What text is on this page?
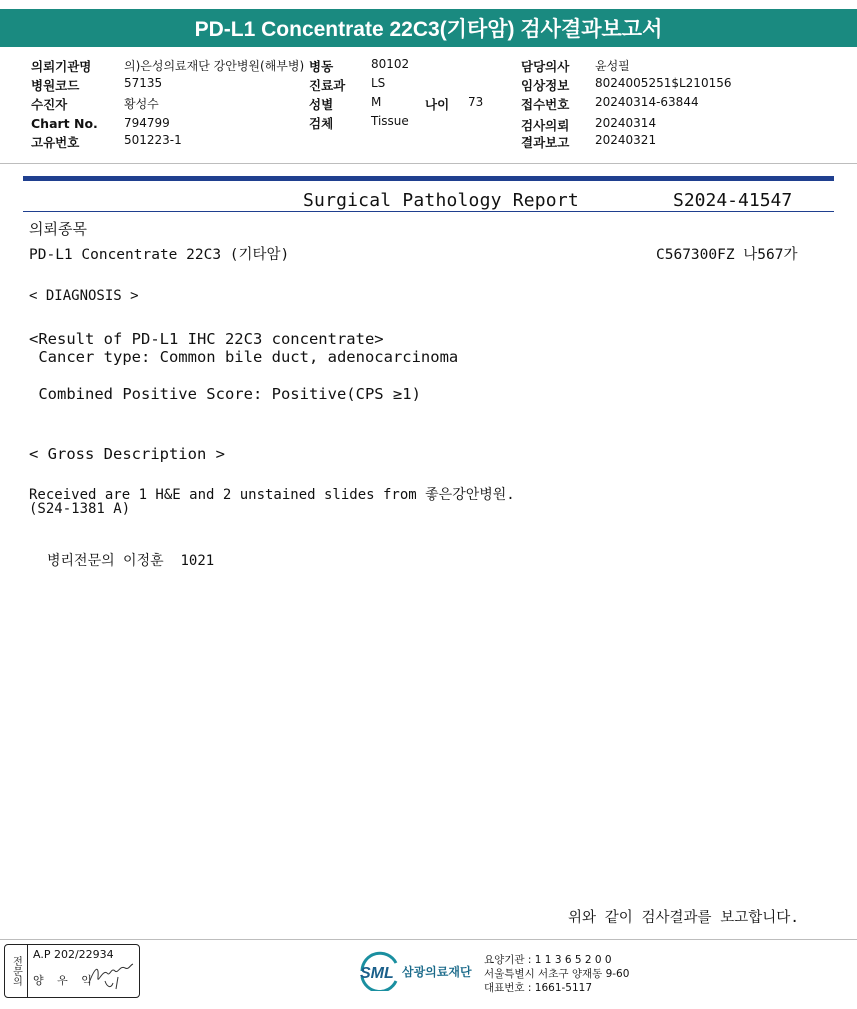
PD-L1 Concentrate 22C3(기타암) 검사결과보고서
의뢰기관명	의)은성의료재단 강안병원(해부병)
병원코드	57135
수진자	황성수
Chart No. 794799
고유번호	501223-1
병동	80102
진료과 LS
성별	M	나이 73
검체	Tissue
담당의사 윤성필
임상정보 8024005251$L210156
접수번호 20240314-63844
검사의뢰 20240314
결과보고 20240321
Surgical Pathology Report	S2024-41547
의뢰종목
PD-L1 Concentrate 22C3 (기타암)	C567300FZ 나567가
< DIAGNOSIS >
<Result of PD-L1 IHC 22C3 concentrate>
Cancer type: Common bile duct, adenocarcinoma
Combined Positive Score: Positive(CPS ≥1)
< Gross Description >
Received are 1 H&E and 2 unstained slides from 좋은강안병원.
(S24-1381 A)
병리전문의 이정훈  1021
위와 같이 검사결과를 보고합니다.
전문의
A.P 202/22934
양 우 익	SML 삼광의료재단
요양기관 : 1 1 3 6 5 2 0 0
서울특별시 서초구 양재동 9-60
대표번호 : 1661-5117
